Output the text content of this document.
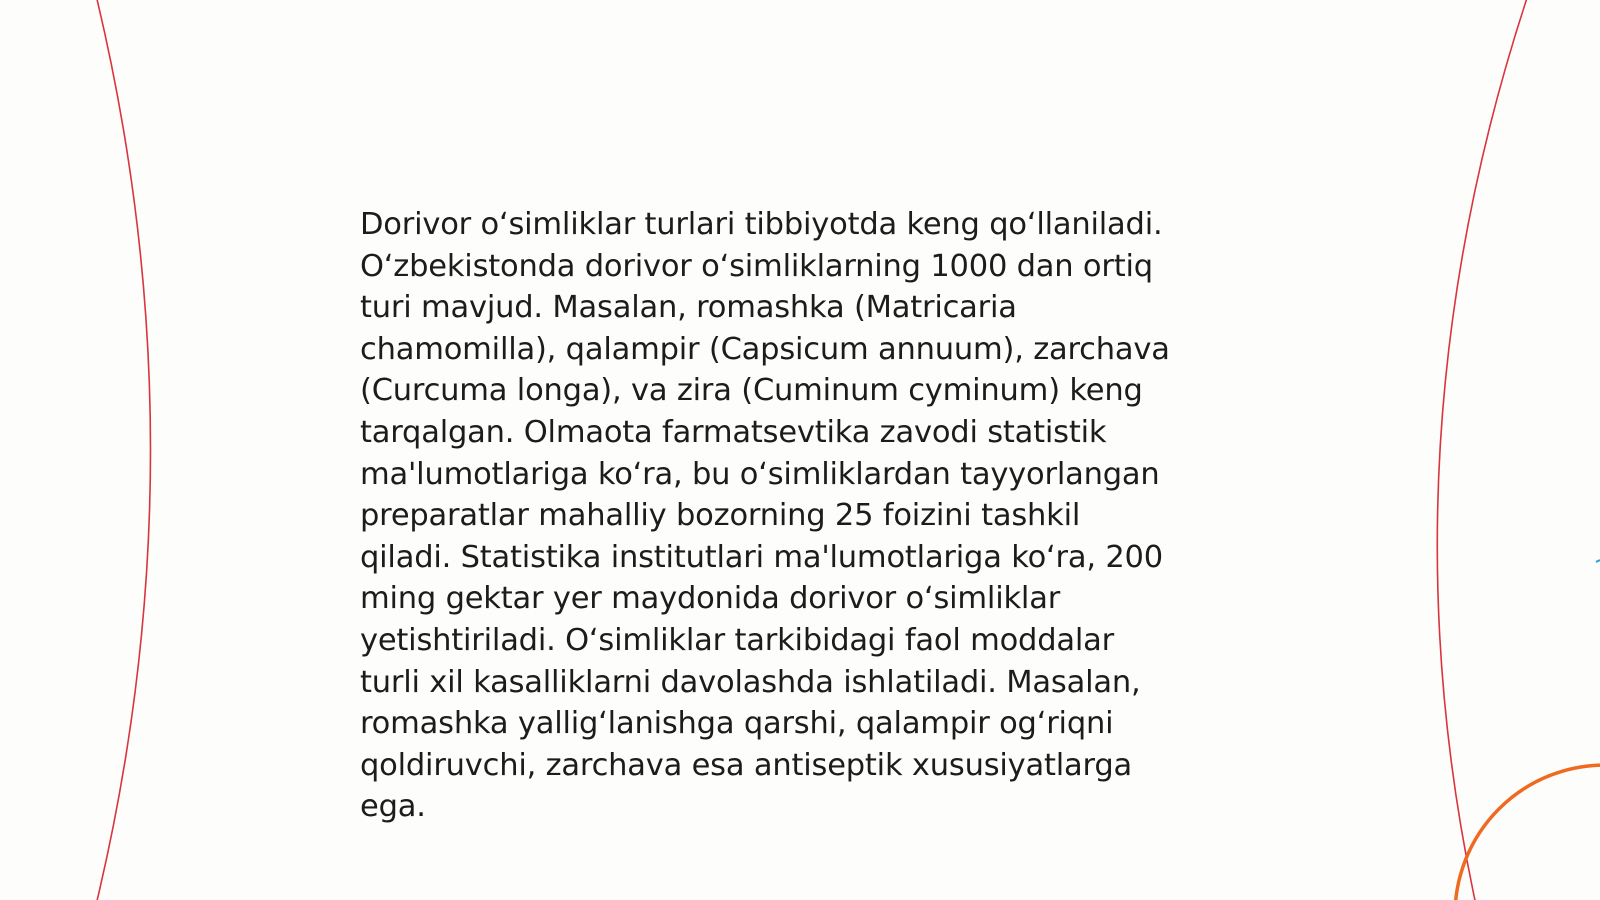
Dorivor o‘simliklar turlari tibbiyotda keng qo‘llaniladi.
O‘zbekistonda dorivor o‘simliklarning 1000 dan ortiq
turi mavjud. Masalan, romashka (Matricaria
chamomilla), qalampir (Capsicum annuum), zarchava
(Curcuma longa), va zira (Cuminum cyminum) keng
tarqalgan. Olmaota farmatsevtika zavodi statistik
ma'lumotlariga ko‘ra, bu o‘simliklardan tayyorlangan
preparatlar mahalliy bozorning 25 foizini tashkil
qiladi. Statistika institutlari ma'lumotlariga ko‘ra, 200
ming gektar yer maydonida dorivor o‘simliklar
yetishtiriladi. O‘simliklar tarkibidagi faol moddalar
turli xil kasalliklarni davolashda ishlatiladi. Masalan,
romashka yallig‘lanishga qarshi, qalampir og‘riqni
qoldiruvchi, zarchava esa antiseptik xususiyatlarga
ega.
